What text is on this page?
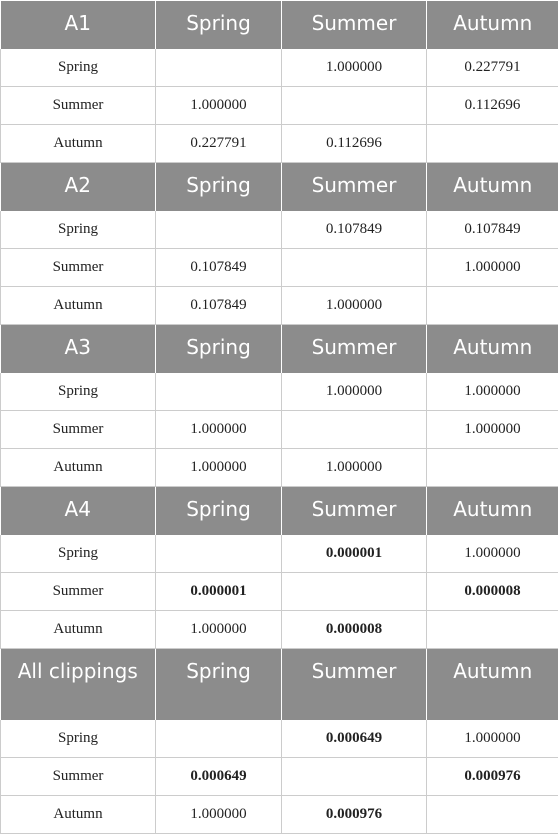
A1	Spring	Summer	Autumn
Spring		1.000000	0.227791
Summer	1.000000		0.112696
Autumn	0.227791	0.112696	
A2	Spring	Summer	Autumn
Spring		0.107849	0.107849
Summer	0.107849		1.000000
Autumn	0.107849	1.000000	
A3	Spring	Summer	Autumn
Spring		1.000000	1.000000
Summer	1.000000		1.000000
Autumn	1.000000	1.000000	
A4	Spring	Summer	Autumn
Spring		0.000001	1.000000
Summer	0.000001		0.000008
Autumn	1.000000	0.000008	
All clippings	Spring	Summer	Autumn
Spring		0.000649	1.000000
Summer	0.000649		0.000976
Autumn	1.000000	0.000976	
